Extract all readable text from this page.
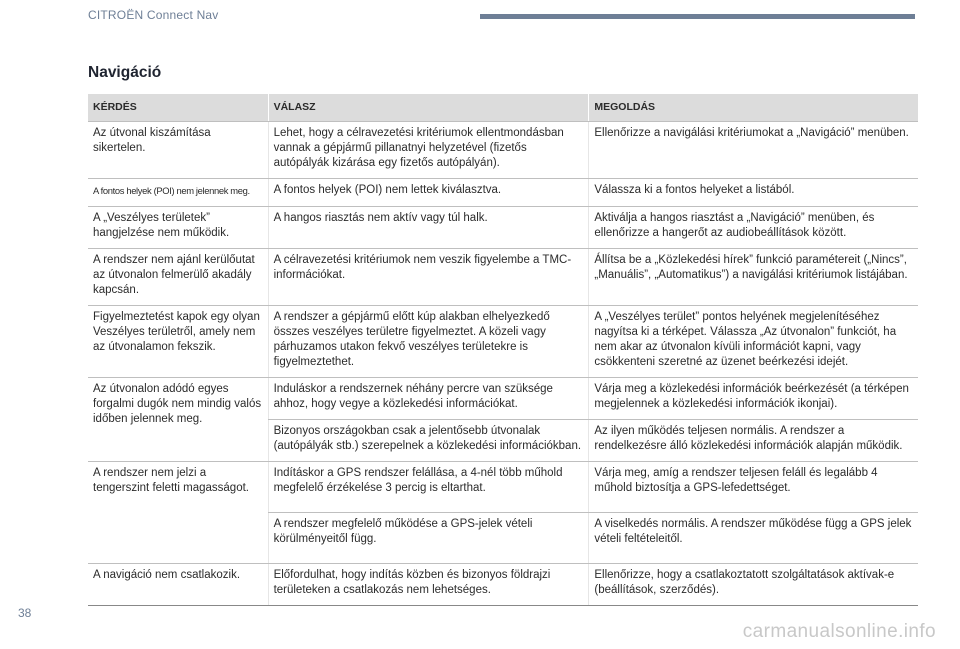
CITROËN Connect Nav
Navigáció
KÉRDÉS	VÁLASZ	MEGOLDÁS
Az útvonal kiszámítása sikertelen.	Lehet, hogy a célravezetési kritériumok ellentmondásban vannak a gépjármű pillanatnyi helyzetével (fizetős autópályák kizárása egy fizetős autópályán).	Ellenőrizze a navigálási kritériumokat a „Navigáció” menüben.
A fontos helyek (POI) nem jelennek meg.	A fontos helyek (POI) nem lettek kiválasztva.	Válassza ki a fontos helyeket a listából.
A „Veszélyes területek” hangjelzése nem működik.	A hangos riasztás nem aktív vagy túl halk.	Aktiválja a hangos riasztást a „Navigáció” menüben, és ellenőrizze a hangerőt az audiobeállítások között.
A rendszer nem ajánl kerülőutat az útvonalon felmerülő akadály kapcsán.	A célravezetési kritériumok nem veszik figyelembe a TMC-információkat.	Állítsa be a „Közlekedési hírek” funkció paramétereit („Nincs”, „Manuális”, „Automatikus”) a navigálási kritériumok listájában.
Figyelmeztetést kapok egy olyan Veszélyes területről, amely nem az útvonalamon fekszik.	A rendszer a gépjármű előtt kúp alakban elhelyezkedő összes veszélyes területre figyelmeztet. A közeli vagy párhuzamos utakon fekvő veszélyes területekre is figyelmeztethet.	A „Veszélyes terület” pontos helyének megjelenítéséhez nagyítsa ki a térképet. Válassza „Az útvonalon” funkciót, ha nem akar az útvonalon kívüli információt kapni, vagy csökkenteni szeretné az üzenet beérkezési idejét.
Az útvonalon adódó egyes forgalmi dugók nem mindig valós időben jelennek meg.	Induláskor a rendszernek néhány percre van szüksége ahhoz, hogy vegye a közlekedési információkat.	Várja meg a közlekedési információk beérkezését (a térképen megjelennek a közlekedési információk ikonjai).
	Bizonyos országokban csak a jelentősebb útvonalak (autópályák stb.) szerepelnek a közlekedési információkban.	Az ilyen működés teljesen normális. A rendszer a rendelkezésre álló közlekedési információk alapján működik.
A rendszer nem jelzi a tengerszint feletti magasságot.	Indításkor a GPS rendszer felállása, a 4-nél több műhold megfelelő érzékelése 3 percig is eltarthat.	Várja meg, amíg a rendszer teljesen feláll és legalább 4 műhold biztosítja a GPS-lefedettséget.
	A rendszer megfelelő működése a GPS-jelek vételi körülményeitől függ.	A viselkedés normális. A rendszer működése függ a GPS jelek vételi feltételeitől.
A navigáció nem csatlakozik.	Előfordulhat, hogy indítás közben és bizonyos földrajzi területeken a csatlakozás nem lehetséges.	Ellenőrizze, hogy a csatlakoztatott szolgáltatások aktívak-e (beállítások, szerződés).
38
carmanualsonline.info
